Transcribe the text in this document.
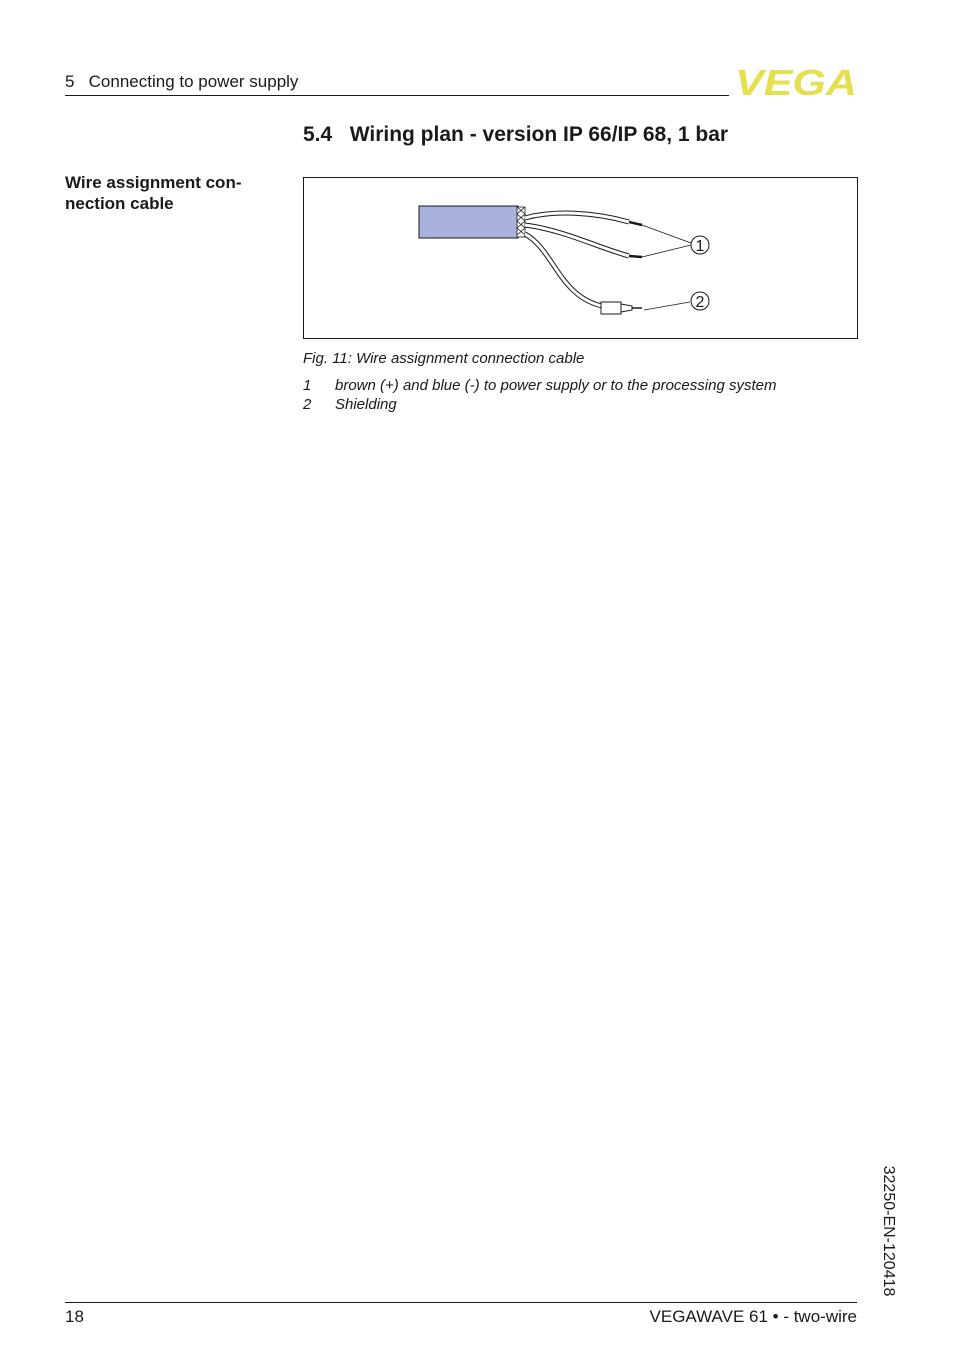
5 Connecting to power supply	VEGA
5.4 Wiring plan - version IP 66/IP 68, 1 bar
Wire assignment con-
nection cable
1
2
Fig. 11: Wire assignment connection cable
1	brown (+) and blue (-) to power supply or to the processing system
2	Shielding
32250-EN-120418
18	VEGAWAVE 61 • - two-wire
